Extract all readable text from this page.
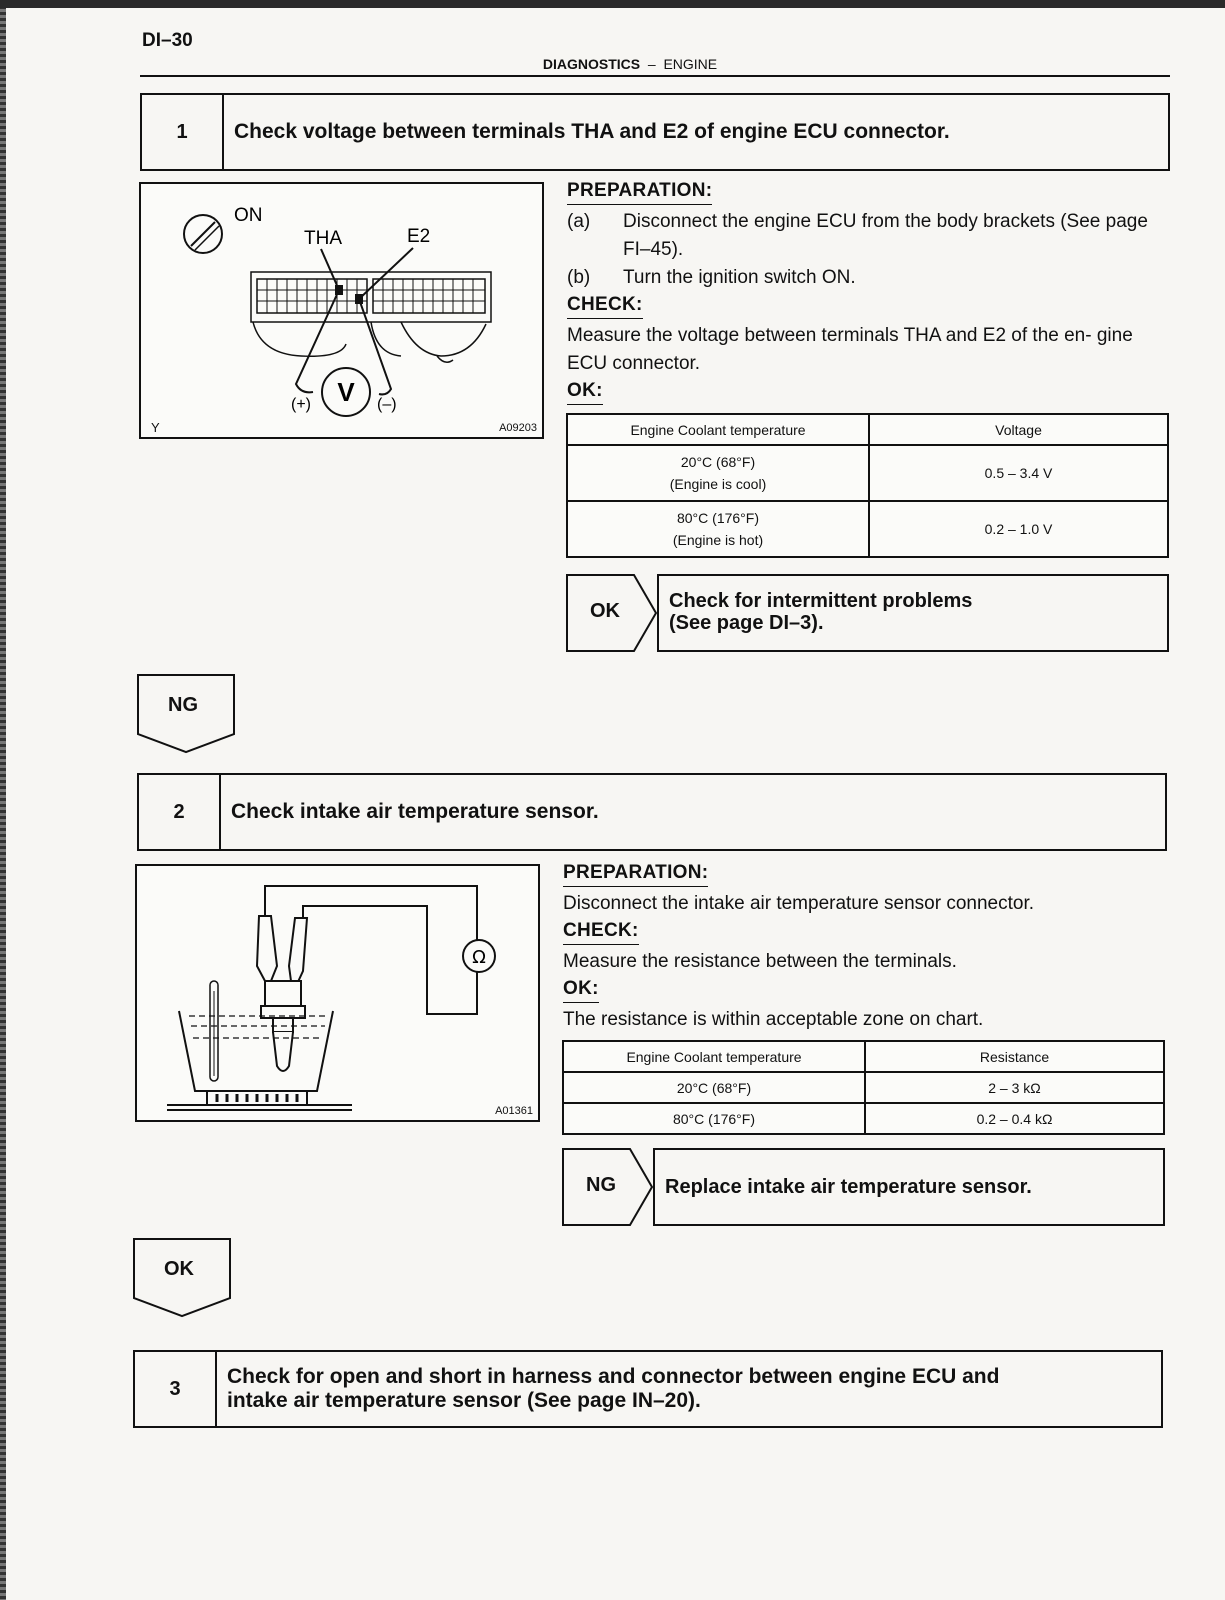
DI–30
DIAGNOSTICS – ENGINE
1	Check voltage between terminals THA and E2 of engine ECU connector.
ON
THA	E2
V
(+)	(–)
Y	A09203
PREPARATION:
(a)	Disconnect the engine ECU from the body brackets (See page FI–45).
(b)	Turn the ignition switch ON.
CHECK:
Measure the voltage between terminals THA and E2 of the en- gine ECU connector.
OK:
Engine Coolant temperature	Voltage

20°C (68°F)
(Engine is cool)	0.5 – 3.4 V

80°C (176°F)
(Engine is hot)	0.2 – 1.0 V
OK Check for intermittent problems
(See page DI–3).
NG
2	Check intake air temperature sensor.
Ω
A01361
PREPARATION:
Disconnect the intake air temperature sensor connector.
CHECK:
Measure the resistance between the terminals.
OK:
The resistance is within acceptable zone on chart.
Engine Coolant temperature	Resistance
20°C (68°F)	2 – 3 kΩ
80°C (176°F)	0.2 – 0.4 kΩ
NG	Replace intake air temperature sensor.
OK
3
Check for open and short in harness and connector between engine ECU and
intake air temperature sensor (See page IN–20).
